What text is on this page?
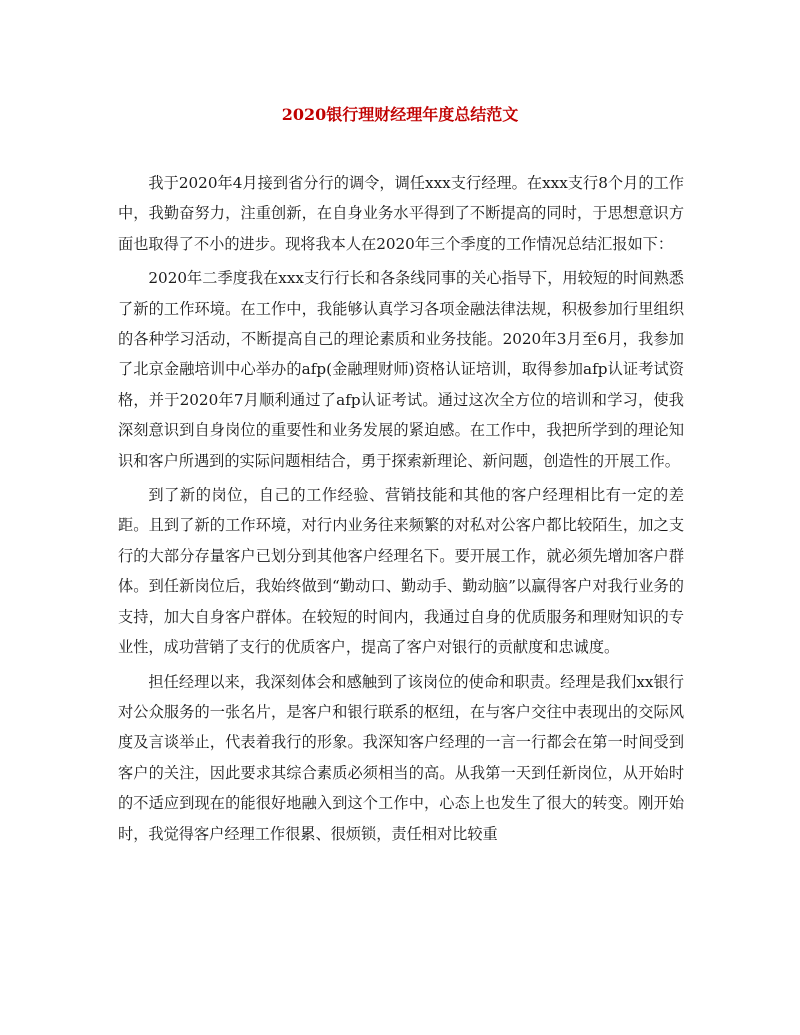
2020银行理财经理年度总结范文

我于2020年4月接到省分行的调令，调任xxx支行经理。在xxx支行8个月的工作中，我勤奋努力，注重创新，在自身业务水平得到了不断提高的同时，于思想意识方面也取得了不小的进步。现将我本人在2020年三个季度的工作情况总结汇报如下：

2020年二季度我在xxx支行行长和各条线同事的关心指导下，用较短的时间熟悉了新的工作环境。在工作中，我能够认真学习各项金融法律法规，积极参加行里组织的各种学习活动，不断提高自己的理论素质和业务技能。2020年3月至6月，我参加了北京金融培训中心举办的afp(金融理财师)资格认证培训，取得参加afp认证考试资格，并于2020年7月顺利通过了afp认证考试。通过这次全方位的培训和学习，使我深刻意识到自身岗位的重要性和业务发展的紧迫感。在工作中，我把所学到的理论知识和客户所遇到的实际问题相结合，勇于探索新理论、新问题，创造性的开展工作。

到了新的岗位，自己的工作经验、营销技能和其他的客户经理相比有一定的差距。且到了新的工作环境，对行内业务往来频繁的对私对公客户都比较陌生，加之支行的大部分存量客户已划分到其他客户经理名下。要开展工作，就必须先增加客户群体。到任新岗位后，我始终做到“勤动口、勤动手、勤动脑”以赢得客户对我行业务的支持，加大自身客户群体。在较短的时间内，我通过自身的优质服务和理财知识的专业性，成功营销了支行的优质客户，提高了客户对银行的贡献度和忠诚度。

担任经理以来，我深刻体会和感触到了该岗位的使命和职责。经理是我们xx银行对公众服务的一张名片，是客户和银行联系的枢纽，在与客户交往中表现出的交际风度及言谈举止，代表着我行的形象。我深知客户经理的一言一行都会在第一时间受到客户的关注，因此要求其综合素质必须相当的高。从我第一天到任新岗位，从开始时的不适应到现在的能很好地融入到这个工作中，心态上也发生了很大的转变。刚开始时，我觉得客户经理工作很累、很烦锁，责任相对比较重
